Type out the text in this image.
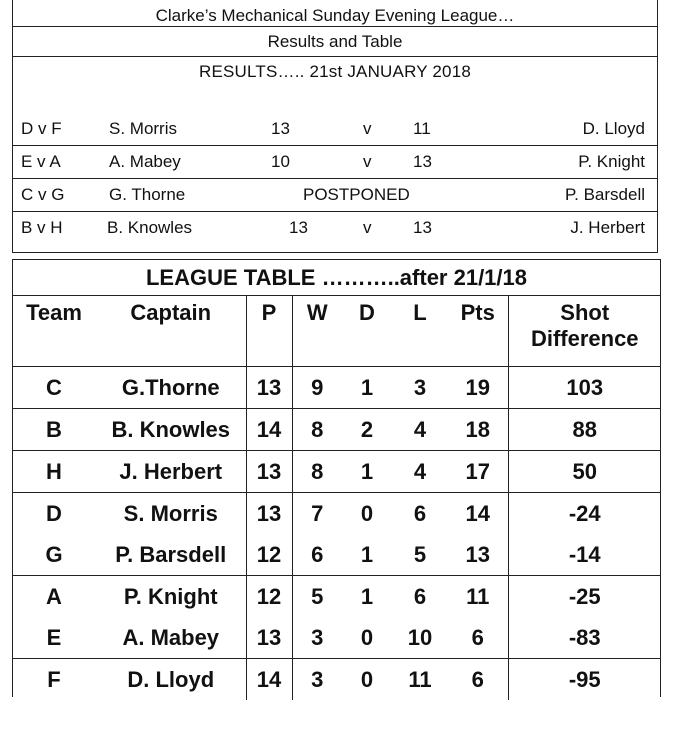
Clarke’s Mechanical Sunday Evening League…
Results and Table
RESULTS….. 21st JANUARY 2018
D v F	S. Morris	13	v 11	D. Lloyd
E v A	A. Mabey	10	v 13	P. Knight
C v G	G. Thorne	POSTPONED	P. Barsdell
B v H	B. Knowles	13	v 13	J. Herbert
LEAGUE TABLE ………..after 21/1/18
Team	Captain	P	W	D	L	Pts	Shot
Difference

C	G.Thorne	13	9	1	3	19	103
B	B. Knowles	14	8	2	4	18	88
H	J. Herbert	13	8	1	4	17	50
D	S. Morris	13	7	0	6	14	-24
G	P. Barsdell	12	6	1	5	13	-14
A	P. Knight	12	5	1	6	11	-25
E	A. Mabey	13	3	0	10	6	-83
F	D. Lloyd	14	3	0	11	6	-95
